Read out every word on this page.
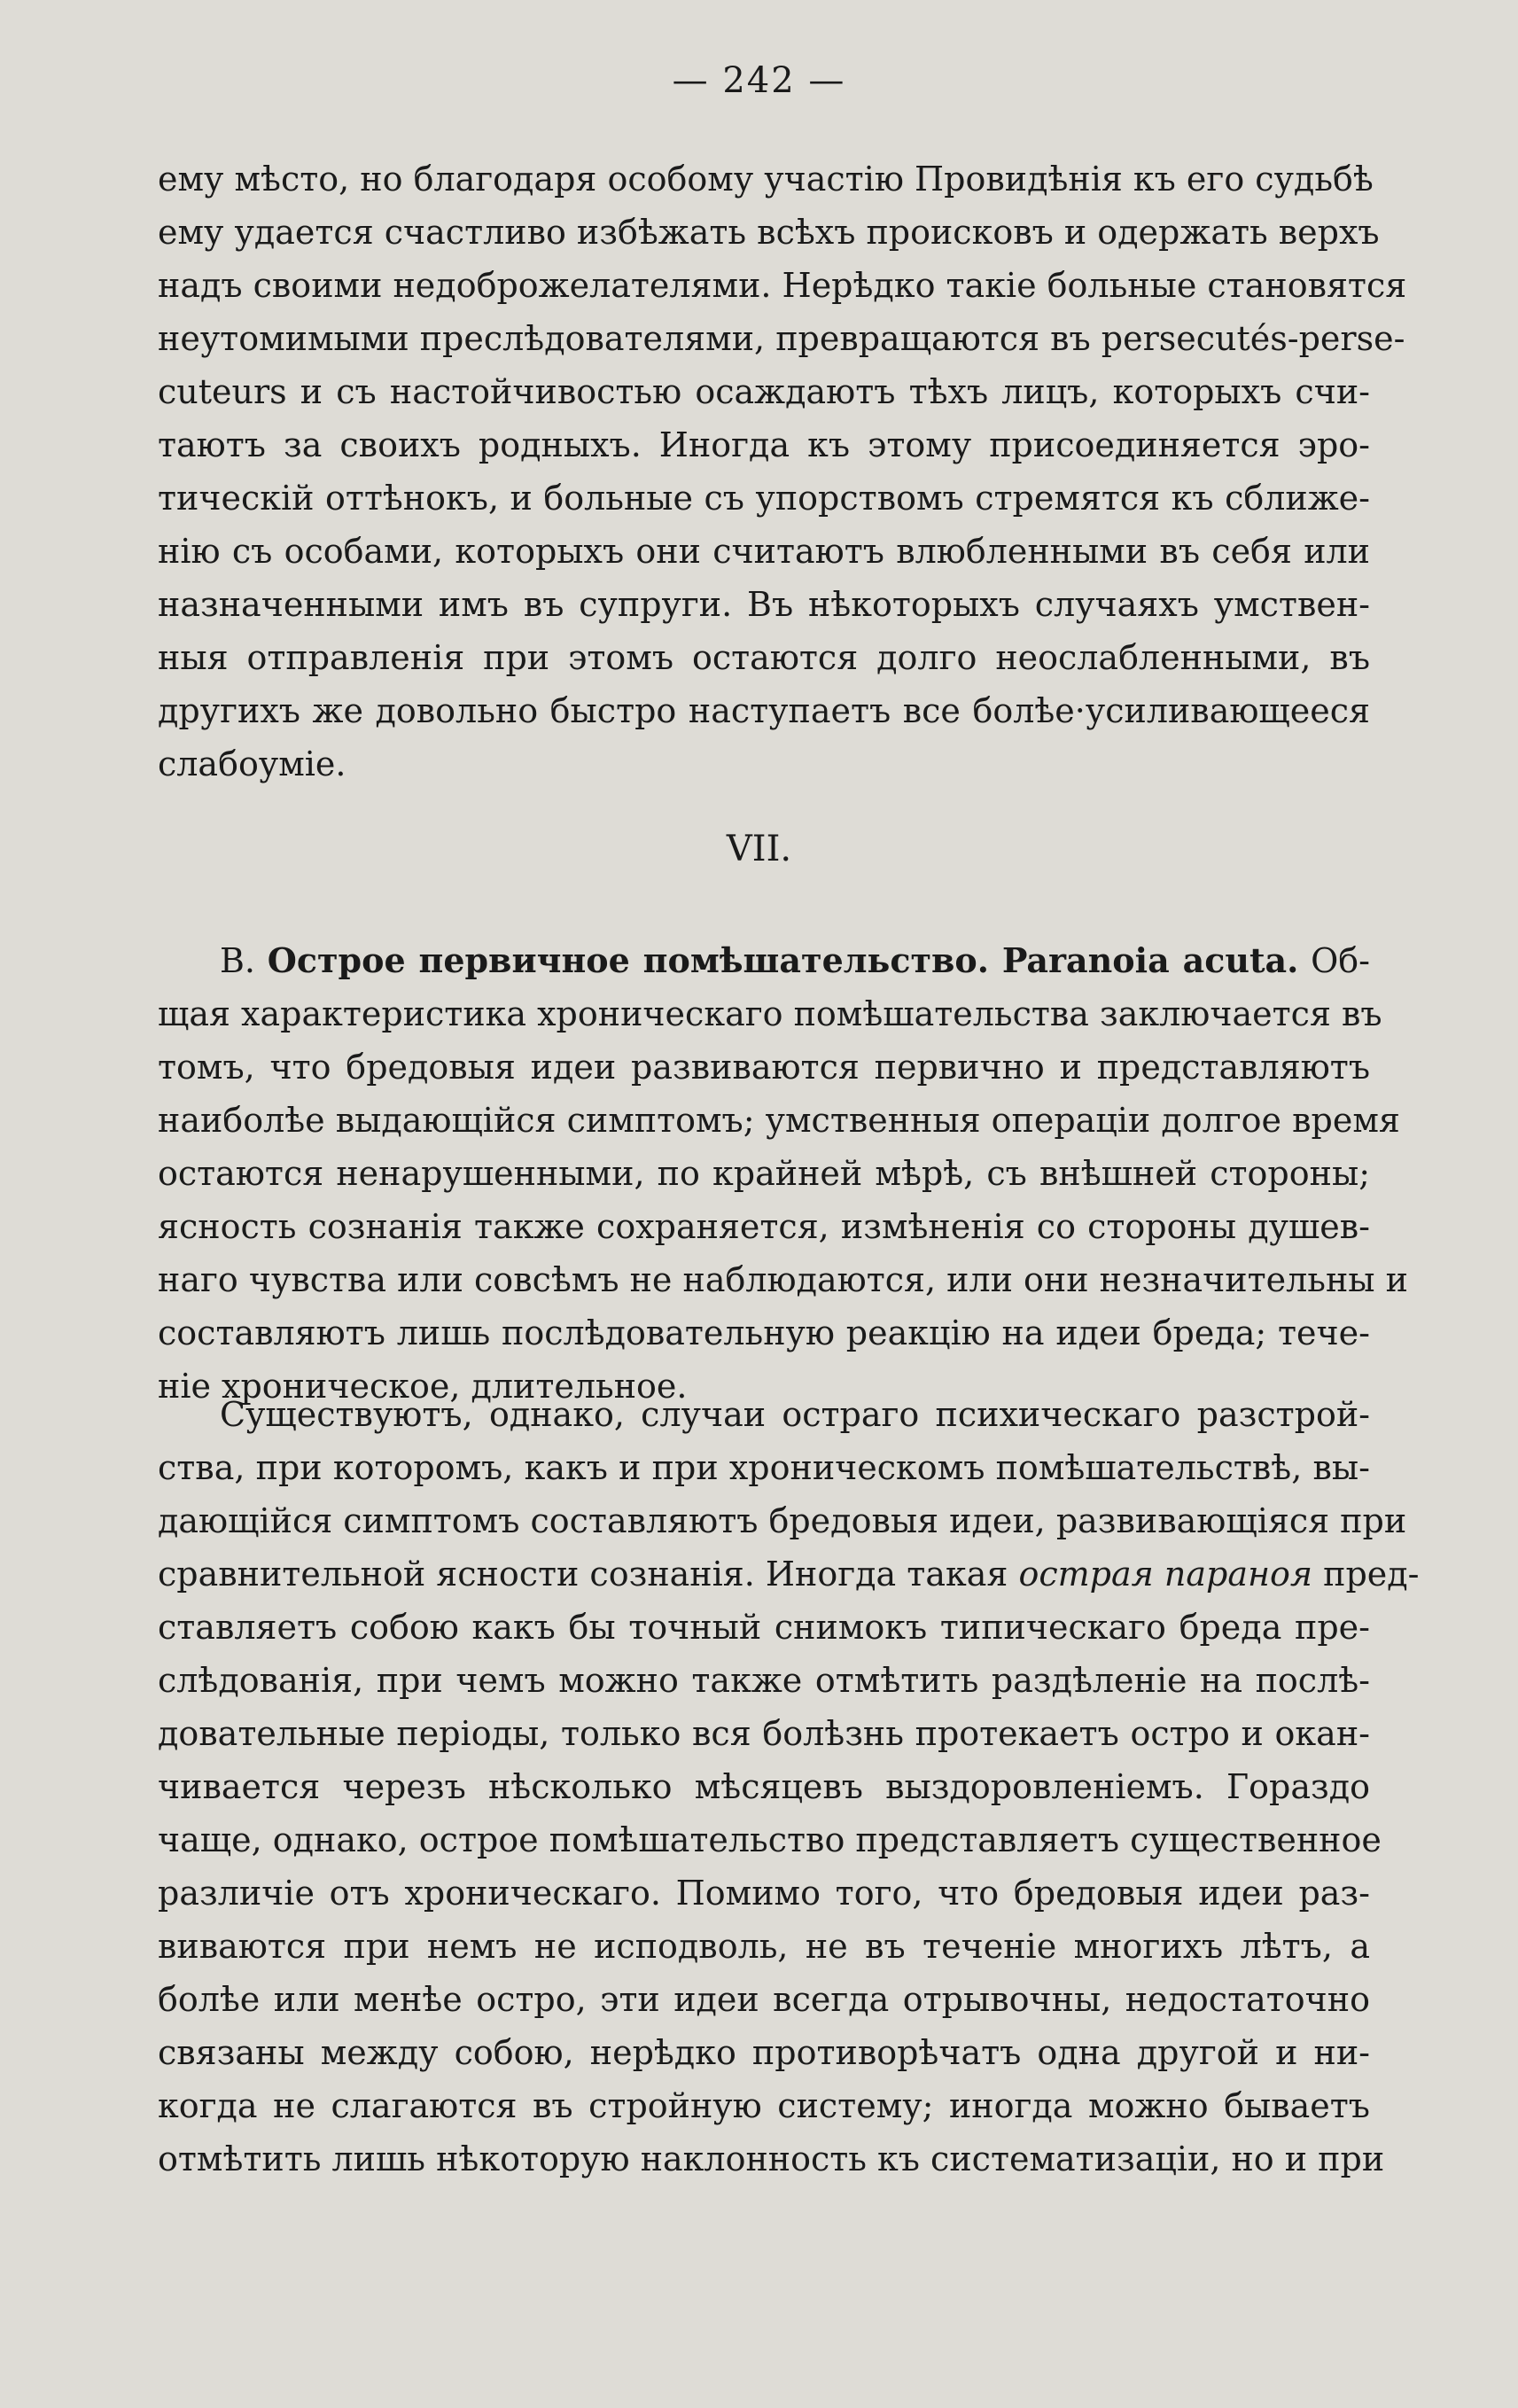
— 242 —
ему мѣсто, но благодаря особому участію Провидѣнія къ его судьбѣ
ему удается счастливо избѣжать всѣхъ происковъ и одержать верхъ
надъ своими недоброжелателями. Нерѣдко такіе больные становятся
неутомимыми преслѣдователями, превращаются въ persecutés-perse-
cuteurs и съ настойчивостью осаждаютъ тѣхъ лицъ, которыхъ счи-
таютъ за своихъ родныхъ. Иногда къ этому присоединяется эро-
тическій оттѣнокъ, и больные съ упорствомъ стремятся къ сближе-
нію съ особами, которыхъ они считаютъ влюбленными въ себя или
назначенными имъ въ супруги. Въ нѣкоторыхъ случаяхъ умствен-
ныя отправленія при этомъ остаются долго неослабленными, въ
другихъ же довольно быстро наступаетъ все болѣе·усиливающееся
слабоуміе.
VII.
B. Острое первичное помѣшательство. Paranoia acuta. Об-
щая характеристика хроническаго помѣшательства заключается въ
томъ, что бредовыя идеи развиваются первично и представляютъ
наиболѣе выдающійся симптомъ; умственныя операціи долгое время
остаются ненарушенными, по крайней мѣрѣ, съ внѣшней стороны;
ясность сознанія также сохраняется, измѣненія со стороны душев-
наго чувства или совсѣмъ не наблюдаются, или они незначительны и
составляютъ лишь послѣдовательную реакцію на идеи бреда; тече-
ніе хроническое, длительное.
Существуютъ, однако, случаи остраго психическаго разстрой-
ства, при которомъ, какъ и при хроническомъ помѣшательствѣ, вы-
дающійся симптомъ составляютъ бредовыя идеи, развивающіяся при
сравнительной ясности сознанія. Иногда такая острая параноя пред-
ставляетъ собою какъ бы точный снимокъ типическаго бреда пре-
слѣдованія, при чемъ можно также отмѣтить раздѣленіе на послѣ-
довательные періоды, только вся болѣзнь протекаетъ остро и окан-
чивается черезъ нѣсколько мѣсяцевъ выздоровленіемъ. Гораздо
чаще, однако, острое помѣшательство представляетъ существенное
различіе отъ хроническаго. Помимо того, что бредовыя идеи раз-
виваются при немъ не исподволь, не въ теченіе многихъ лѣтъ, а
болѣе или менѣе остро, эти идеи всегда отрывочны, недостаточно
связаны между собою, нерѣдко противорѣчатъ одна другой и ни-
когда не слагаются въ стройную систему; иногда можно бываетъ
отмѣтить лишь нѣкоторую наклонность къ систематизаціи, но и при
